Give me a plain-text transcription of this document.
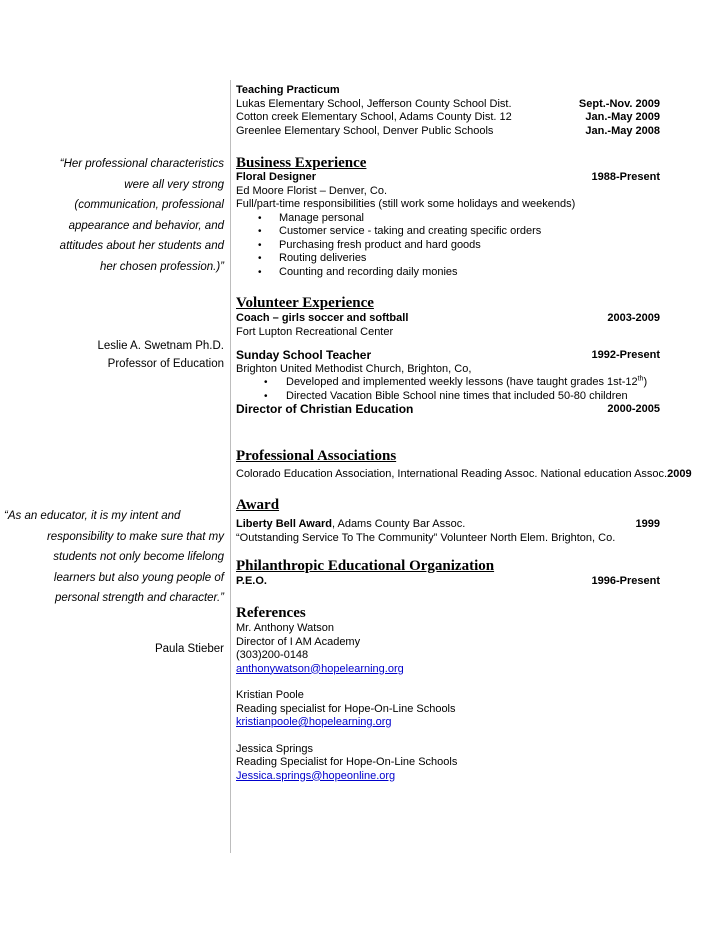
“Her professional characteristics
were all very strong
(communication, professional
appearance and behavior, and
attitudes about her students and
her chosen profession.)”
Leslie A. Swetnam Ph.D.
Professor of Education
“As an educator, it is my intent and
responsibility to make sure that my
students not only become lifelong
learners but also young people of
personal strength and character.”
Paula Stieber
Teaching Practicum
Lukas Elementary School, Jefferson County School Dist.	Sept.-Nov. 2009
Cotton creek Elementary School, Adams County Dist. 12	Jan.-May 2009
Greenlee Elementary School, Denver Public Schools	Jan.-May 2008
Business Experience
Floral Designer	1988-Present
Ed Moore Florist – Denver, Co.
Full/part-time responsibilities (still work some holidays and weekends)
• Manage personal
• Customer service - taking and creating specific orders
• Purchasing fresh product and hard goods
• Routing deliveries
• Counting and recording daily monies
Volunteer Experience
Coach – girls soccer and softball	2003-2009
Fort Lupton Recreational Center
Sunday School Teacher	1992-Present
Brighton United Methodist Church, Brighton, Co,
• Developed and implemented weekly lessons (have taught grades 1st-12th)
• Directed Vacation Bible School nine times that included 50-80 children
Director of Christian Education	2000-2005
Professional Associations
Colorado Education Association, International Reading Assoc. National education Assoc. 2009
Award
Liberty Bell Award, Adams County Bar Assoc.	1999
“Outstanding Service To The Community” Volunteer North Elem. Brighton, Co.
Philanthropic Educational Organization
P.E.O.	1996-Present
References
Mr. Anthony Watson
Director of I AM Academy
(303)200-0148
anthonywatson@hopelearning.org
Kristian Poole
Reading specialist for Hope-On-Line Schools
kristianpoole@hopelearning.org
Jessica Springs
Reading Specialist for Hope-On-Line Schools
Jessica.springs@hopeonline.org
